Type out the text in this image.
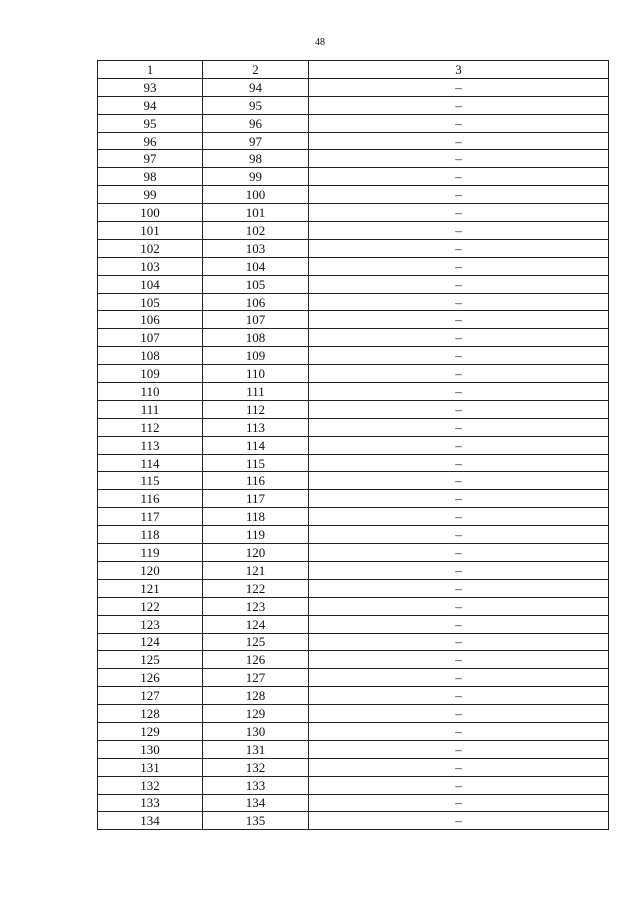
48
1	2	3
93	94	–
94	95	–
95	96	–
96	97	–
97	98	–
98	99	–
99	100	–
100	101	–
101	102	–
102	103	–
103	104	–
104	105	–
105	106	–
106	107	–
107	108	–
108	109	–
109	110	–
110	111	–
111	112	–
112	113	–
113	114	–
114	115	–
115	116	–
116	117	–
117	118	–
118	119	–
119	120	–
120	121	–
121	122	–
122	123	–
123	124	–
124	125	–
125	126	–
126	127	–
127	128	–
128	129	–
129	130	–
130	131	–
131	132	–
132	133	–
133	134	–
134	135	–
